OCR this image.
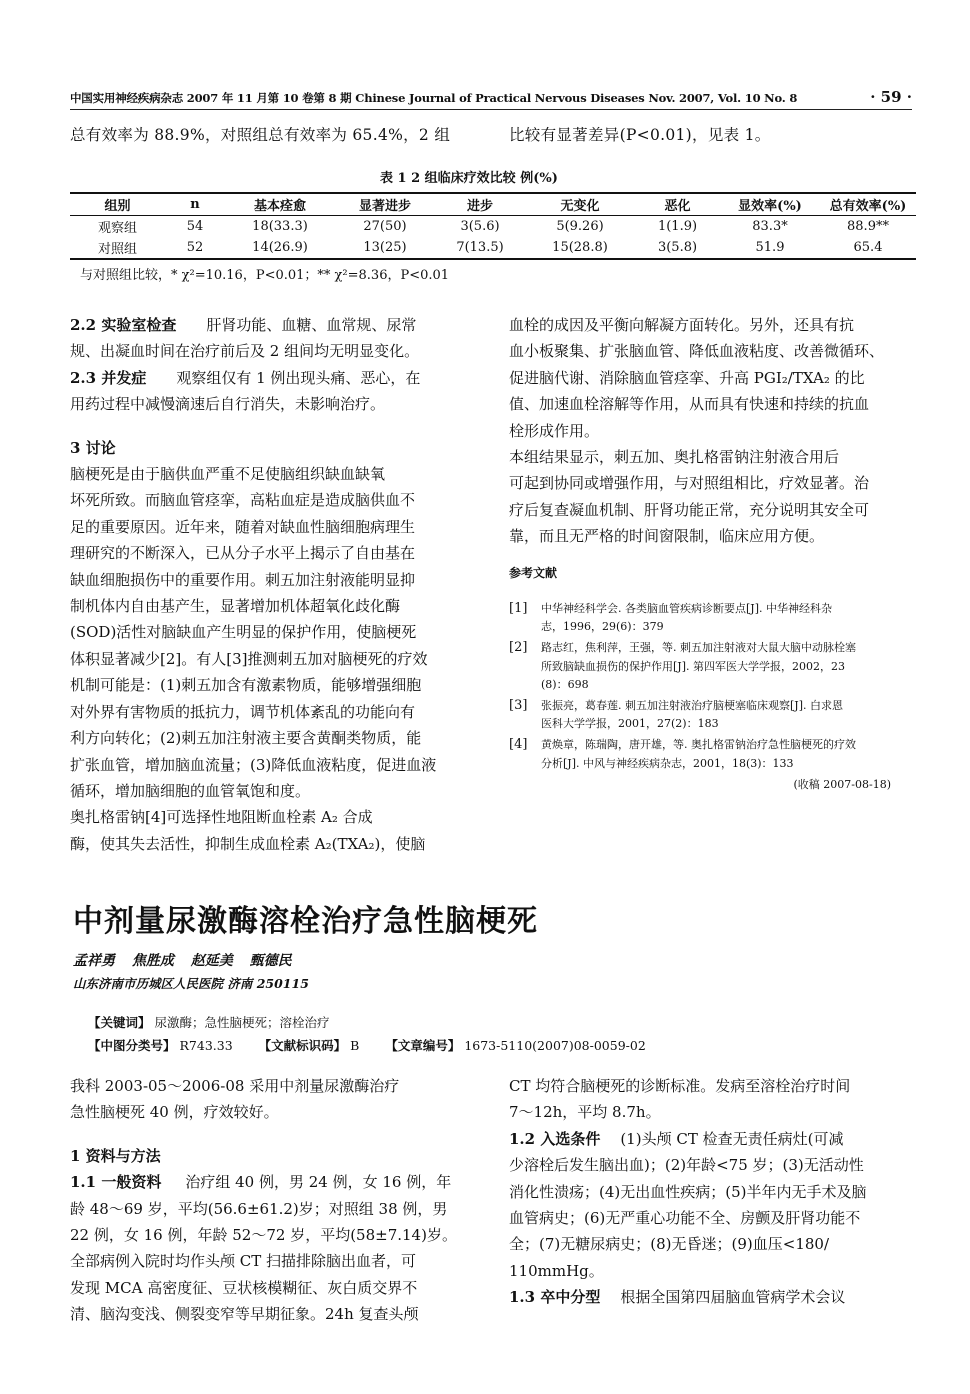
中国实用神经疾病杂志 2007 年 11 月第 10 卷第 8 期 Chinese Journal of Practical Nervous Diseases Nov. 2007, Vol. 10 No. 8	· 59 ·
总有效率为 88.9%，对照组总有效率为 65.4%，2 组	比较有显著差异(P<0.01)，见表 1。
表 1 2 组临床疗效比较 例(%)
组别	n	基本痊愈	显著进步	进步	无变化	恶化	显效率(%)	总有效率(%)
观察组	54	18(33.3)	27(50)	3(5.6)	5(9.26)	1(1.9)	83.3*	88.9**
对照组	52	14(26.9)	13(25)	7(13.5)	15(28.8)	3(5.8)	51.9	65.4
与对照组比较，* χ²=10.16，P<0.01；** χ²=8.36，P<0.01

2.2 实验室检查 肝肾功能、血糖、血常规、尿常

规、出凝血时间在治疗前后及 2 组间均无明显变化。

2.3 并发症 观察组仅有 1 例出现头痛、恶心，在

用药过程中减慢滴速后自行消失，未影响治疗。

3 讨论

脑梗死是由于脑供血严重不足使脑组织缺血缺氧

坏死所致。而脑血管痉挛，高粘血症是造成脑供血不

足的重要原因。近年来，随着对缺血性脑细胞病理生

理研究的不断深入，已从分子水平上揭示了自由基在

缺血细胞损伤中的重要作用。刺五加注射液能明显抑

制机体内自由基产生，显著增加机体超氧化歧化酶

(SOD)活性对脑缺血产生明显的保护作用，使脑梗死

体积显著减少[2]。有人[3]推测刺五加对脑梗死的疗效

机制可能是：(1)刺五加含有激素物质，能够增强细胞

对外界有害物质的抵抗力，调节机体紊乱的功能向有

利方向转化；(2)刺五加注射液主要含黄酮类物质，能

扩张血管，增加脑血流量；(3)降低血液粘度，促进血液

循环，增加脑细胞的血管氧饱和度。

奥扎格雷钠[4]可选择性地阻断血栓素 A₂ 合成

酶，使其失去活性，抑制生成血栓素 A₂(TXA₂)，使脑

血栓的成因及平衡向解凝方面转化。另外，还具有抗

血小板聚集、扩张脑血管、降低血液粘度、改善微循环、

促进脑代谢、消除脑血管痉挛、升高 PGI₂/TXA₂ 的比

值、加速血栓溶解等作用，从而具有快速和持续的抗血

栓形成作用。

本组结果显示，刺五加、奥扎格雷钠注射液合用后

可起到协同或增强作用，与对照组相比，疗效显著。治

疗后复查凝血机制、肝肾功能正常，充分说明其安全可

靠，而且无严格的时间窗限制，临床应用方便。

参考文献

[1] 中华神经科学会. 各类脑血管疾病诊断要点[J]. 中华神经科杂
志，1996，29(6)：379
[2] 路志红，焦利萍，王强，等. 刺五加注射液对大鼠大脑中动脉栓塞
所致脑缺血损伤的保护作用[J]. 第四军医大学学报，2002，23
(8)：698
[3] 张振亮，葛春莲. 刺五加注射液治疗脑梗塞临床观察[J]. 白求恩
医科大学学报，2001，27(2)：183
[4] 黄焕章，陈瑞陶，唐开雄，等. 奥扎格雷钠治疗急性脑梗死的疗效
分析[J]. 中风与神经疾病杂志，2001，18(3)：133
(收稿 2007-08-18)
中剂量尿激酶溶栓治疗急性脑梗死
孟祥勇 焦胜成 赵延美 甄德民
山东济南市历城区人民医院 济南 250115
【关键词】 尿激酶；急性脑梗死；溶栓治疗
【中图分类号】 R743.33 【文献标识码】 B 【文章编号】 1673-5110(2007)08-0059-02

我科 2003-05～2006-08 采用中剂量尿激酶治疗

急性脑梗死 40 例，疗效较好。

1 资料与方法

1.1 一般资料 治疗组 40 例，男 24 例，女 16 例，年

龄 48～69 岁，平均(56.6±61.2)岁；对照组 38 例，男

22 例，女 16 例，年龄 52～72 岁，平均(58±7.14)岁。

全部病例入院时均作头颅 CT 扫描排除脑出血者，可

发现 MCA 高密度征、豆状核模糊征、灰白质交界不

清、脑沟变浅、侧裂变窄等早期征象。24h 复查头颅

CT 均符合脑梗死的诊断标准。发病至溶栓治疗时间

7～12h，平均 8.7h。

1.2 入选条件 (1)头颅 CT 检查无责任病灶(可减

少溶栓后发生脑出血)；(2)年龄<75 岁；(3)无活动性

消化性溃疡；(4)无出血性疾病；(5)半年内无手术及脑

血管病史；(6)无严重心功能不全、房颤及肝肾功能不

全；(7)无糖尿病史；(8)无昏迷；(9)血压<180/

110mmHg。

1.3 卒中分型 根据全国第四届脑血管病学术会议
